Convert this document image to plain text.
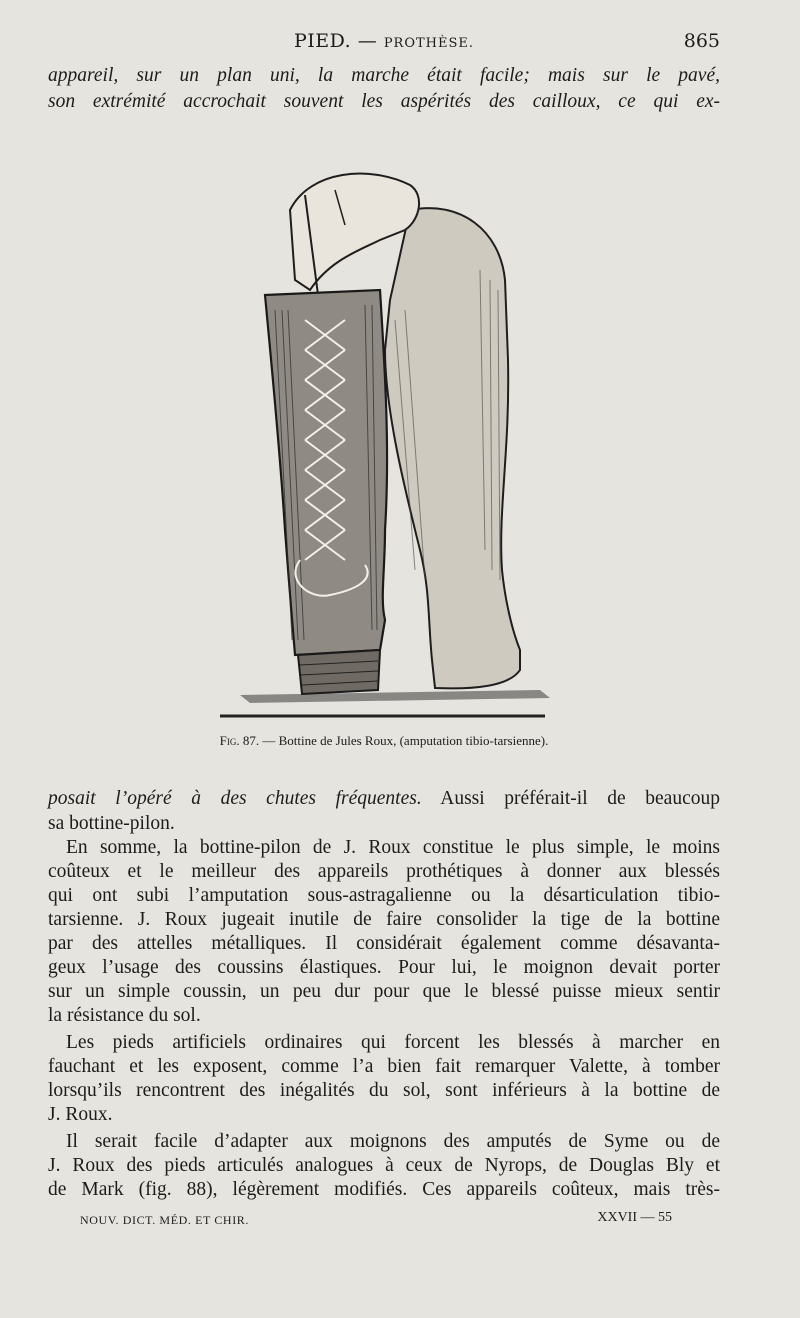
PIED. — PROTHÈSE.	865
appareil, sur un plan uni, la marche était facile; mais sur le pavé,
son extrémité accrochait souvent les aspérités des cailloux, ce qui ex-
Fig. 87. — Bottine de Jules Roux, (amputation tibio-tarsienne).
posait l’opéré à des chutes fréquentes. Aussi préférait-il de beaucoup
sa bottine-pilon.
En somme, la bottine-pilon de J. Roux constitue le plus simple, le moins
coûteux et le meilleur des appareils prothétiques à donner aux blessés
qui ont subi l’amputation sous-astragalienne ou la désarticulation tibio-
tarsienne. J. Roux jugeait inutile de faire consolider la tige de la bottine
par des attelles métalliques. Il considérait également comme désavanta-
geux l’usage des coussins élastiques. Pour lui, le moignon devait porter
sur un simple coussin, un peu dur pour que le blessé puisse mieux sentir
la résistance du sol.
Les pieds artificiels ordinaires qui forcent les blessés à marcher en
fauchant et les exposent, comme l’a bien fait remarquer Valette, à tomber
lorsqu’ils rencontrent des inégalités du sol, sont inférieurs à la bottine de
J. Roux.
Il serait facile d’adapter aux moignons des amputés de Syme ou de
J. Roux des pieds articulés analogues à ceux de Nyrops, de Douglas Bly et
de Mark (fig. 88), légèrement modifiés. Ces appareils coûteux, mais très-
NOUV. DICT. MÉD. ET CHIR.	XXVII — 55
